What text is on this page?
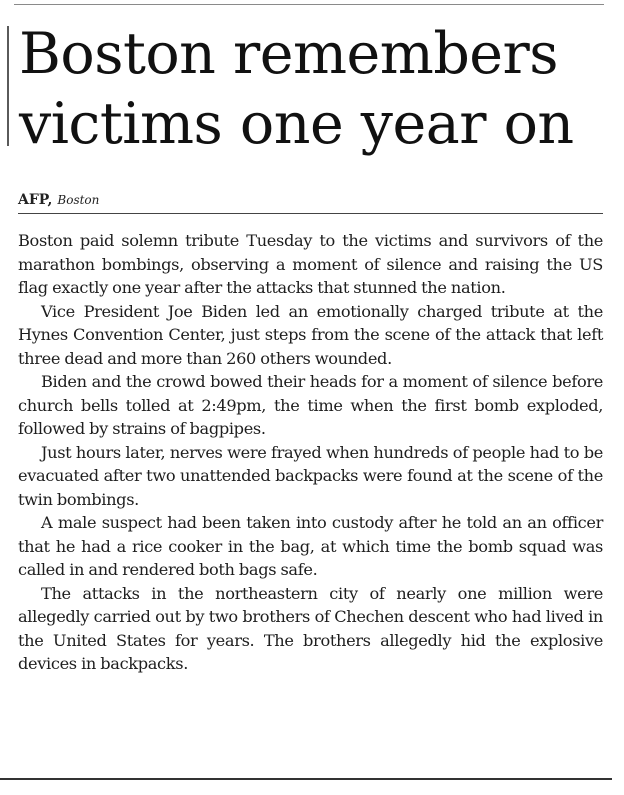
Boston remembers victims one year on
AFP, Boston

Boston paid solemn tribute Tuesday to the victims and survivors of the marathon bombings, observing a moment of silence and raising the US flag exactly one year after the attacks that stunned the nation.

Vice President Joe Biden led an emotionally charged tribute at the Hynes Convention Center, just steps from the scene of the attack that left three dead and more than 260 others wounded.

Biden and the crowd bowed their heads for a moment of silence before church bells tolled at 2:49pm, the time when the first bomb exploded, followed by strains of bagpipes.

Just hours later, nerves were frayed when hundreds of people had to be evacuated after two unattended backpacks were found at the scene of the twin bombings.

A male suspect had been taken into custody after he told an an officer that he had a rice cooker in the bag, at which time the bomb squad was called in and rendered both bags safe.

The attacks in the northeastern city of nearly one million were allegedly carried out by two brothers of Chechen descent who had lived in the United States for years. The brothers allegedly hid the explosive devices in backpacks.
